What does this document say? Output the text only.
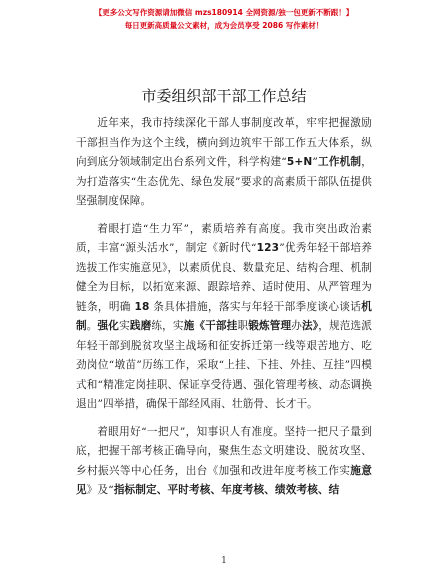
【更多公文写作资源请加微信 mzs180914 全网资源/独一包更新不断跟！】
每日更新高质量公文素材，成为会员享受 2086 写作素材！
市委组织部干部工作总结

近年来，我市持续深化干部人事制度改革，牢牢把握激励干部担当作为这个主线，横向到边筑牢干部工作五大体系，纵向到底分领域制定出台系列文件，科学构建“5+N”工作机制，为打造落实“生态优先、绿色发展”要求的高素质干部队伍提供坚强制度保障。

着眼打造“生力军”，素质培养有高度。我市突出政治素质，丰富“源头活水”，制定《新时代“123”优秀年轻干部培养选拔工作实施意见》，以素质优良、数量充足、结构合理、机制健全为目标，以拓宽来源、跟踪培养、适时使用、从严管理为链条，明确 18 条具体措施，落实与年轻干部季度谈心谈话机制。强化实践磨练，实施《干部挂职锻炼管理办法》，规范选派年轻干部到脱贫攻坚主战场和征安拆迁第一线等艰苦地方、吃劲岗位“墩苗”历练工作，采取“上挂、下挂、外挂、互挂”四模式和“精准定岗挂职、保证享受待遇、强化管理考核、动态调换退出”四举措，确保干部经风雨、壮筋骨、长才干。

着眼用好“一把尺”，知事识人有准度。坚持一把尺子量到底，把握干部考核正确导向，聚焦生态文明建设、脱贫攻坚、乡村振兴等中心任务，出台《加强和改进年度考核工作实施意见》及“指标制定、平时考核、年度考核、绩效考核、结

1
